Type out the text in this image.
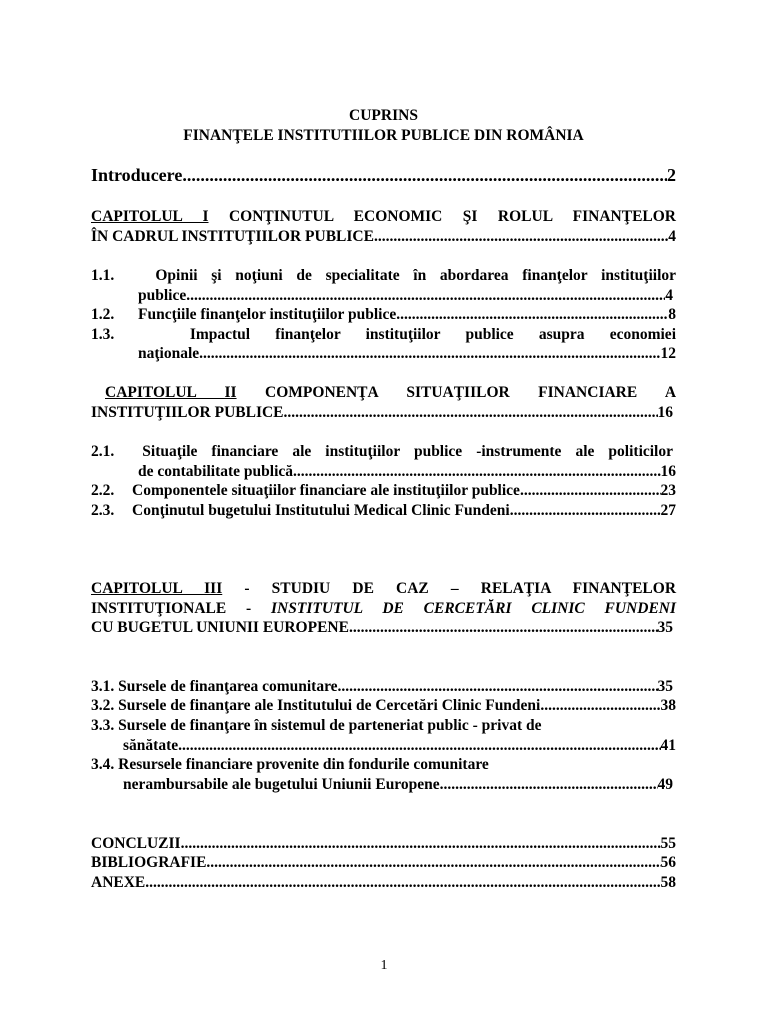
CUPRINS
FINANŢELE INSTITUTIILOR PUBLICE DIN ROMÂNIA
Introducere .....	2
CAPITOLUL I CONŢINUTUL ECONOMIC ŞI ROLUL FINANŢELOR
ÎN CADRUL INSTITUŢIILOR PUBLICE .....	4
1.1.	Opinii şi noţiuni de specialitate în abordarea finanţelor instituţiilor
publice .....	4
1.2.	Funcţiile finanţelor instituţiilor publice .....	8
1.3.	Impactul finanţelor instituţiilor publice asupra economiei
naţionale .....	12
CAPITOLUL II COMPONENŢA SITUAŢIILOR FINANCIARE A
INSTITUŢIILOR PUBLICE .....	16
2.1. Situaţile financiare ale instituţiilor publice -instrumente ale politicilor
de contabilitate publică .....	16
2.2.	Componentele situaţiilor financiare ale instituţiilor publice .....	23
2.3.	Conţinutul bugetului Institutului Medical Clinic Fundeni .....	27
CAPITOLUL III - STUDIU DE CAZ – RELAŢIA FINANŢELOR
INSTITUŢIONALE - INSTITUTUL DE CERCETĂRI CLINIC FUNDENI
CU BUGETUL UNIUNII EUROPENE .....	35
3.1.
Sursele de finanţarea comunitare .....	35
3.2.
Sursele de finanţare ale Institutului de Cercetări Clinic Fundeni .....	38
3.3. Sursele de finanţare în sistemul de parteneriat public - privat de
sănătate .....	41
3.4. Resursele financiare provenite din fondurile comunitare
nerambursabile ale bugetului Uniunii Europene .....	49
CONCLUZII .....	55
BIBLIOGRAFIE .....	56
ANEXE .....	58
1
